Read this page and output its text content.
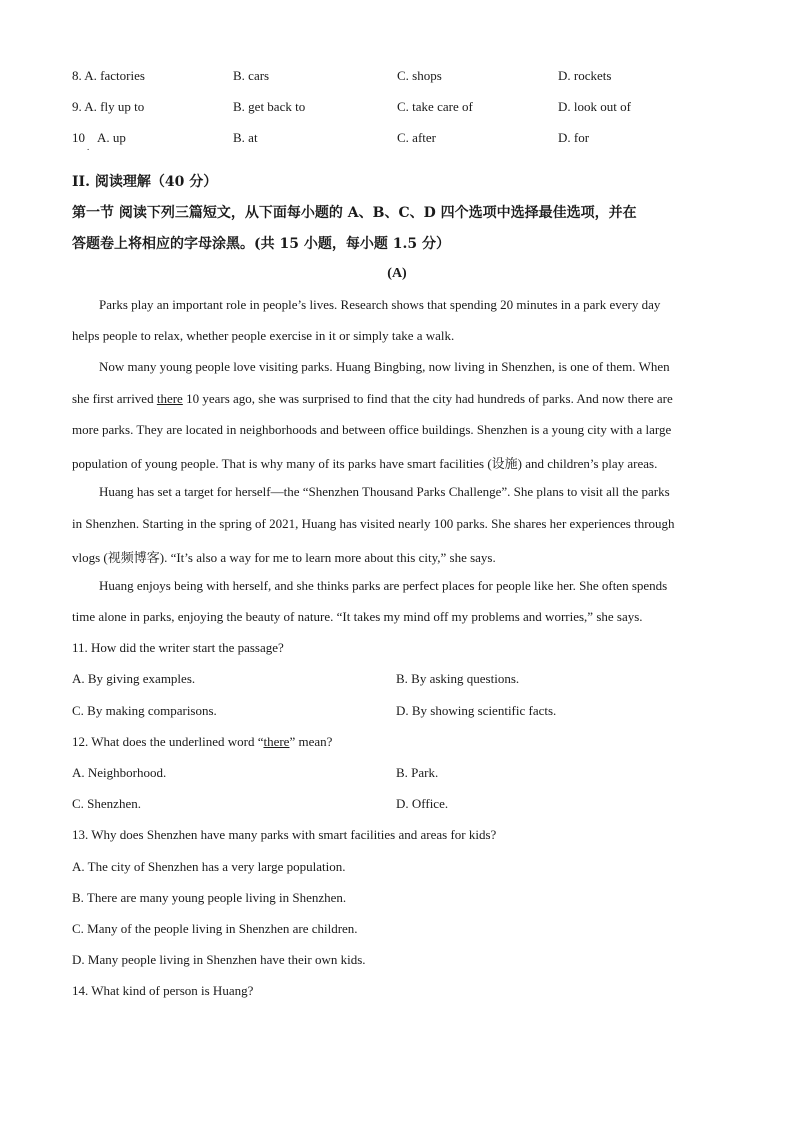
8. A. factories	B. cars	C. shops	D. rockets
9. A. fly up to	B. get back to	C. take care of	D. look out of
10
.
A. up	B. at	C. after	D. for
II. 阅读理解（40 分）
第一节 阅读下列三篇短文，从下面每小题的 A、B、C、D 四个选项中选择最佳选项，并在
答题卷上将相应的字母涂黑。(共 15 小题，每小题 1.5 分）
(A)
Parks play an important role in people’s lives. Research shows that spending 20 minutes in a park every day
helps people to relax, whether people exercise in it or simply take a walk.
Now many young people love visiting parks. Huang Bingbing, now living in Shenzhen, is one of them. When
she first arrived there 10 years ago, she was surprised to find that the city had hundreds of parks. And now there are
more parks. They are located in neighborhoods and between office buildings. Shenzhen is a young city with a large
population of young people. That is why many of its parks have smart facilities (设施) and children’s play areas.
Huang has set a target for herself—the “Shenzhen Thousand Parks Challenge”. She plans to visit all the parks
in Shenzhen. Starting in the spring of 2021, Huang has visited nearly 100 parks. She shares her experiences through
vlogs (视频博客). “It’s also a way for me to learn more about this city,” she says.
Huang enjoys being with herself, and she thinks parks are perfect places for people like her. She often spends
time alone in parks, enjoying the beauty of nature. “It takes my mind off my problems and worries,” she says.
11. How did the writer start the passage?
A. By giving examples.	B. By asking questions.
C. By making comparisons.	D. By showing scientific facts.
12. What does the underlined word “there” mean?
A. Neighborhood.	B. Park.
C. Shenzhen.	D. Office.
13. Why does Shenzhen have many parks with smart facilities and areas for kids?
A. The city of Shenzhen has a very large population.
B. There are many young people living in Shenzhen.
C. Many of the people living in Shenzhen are children.
D. Many people living in Shenzhen have their own kids.
14. What kind of person is Huang?
